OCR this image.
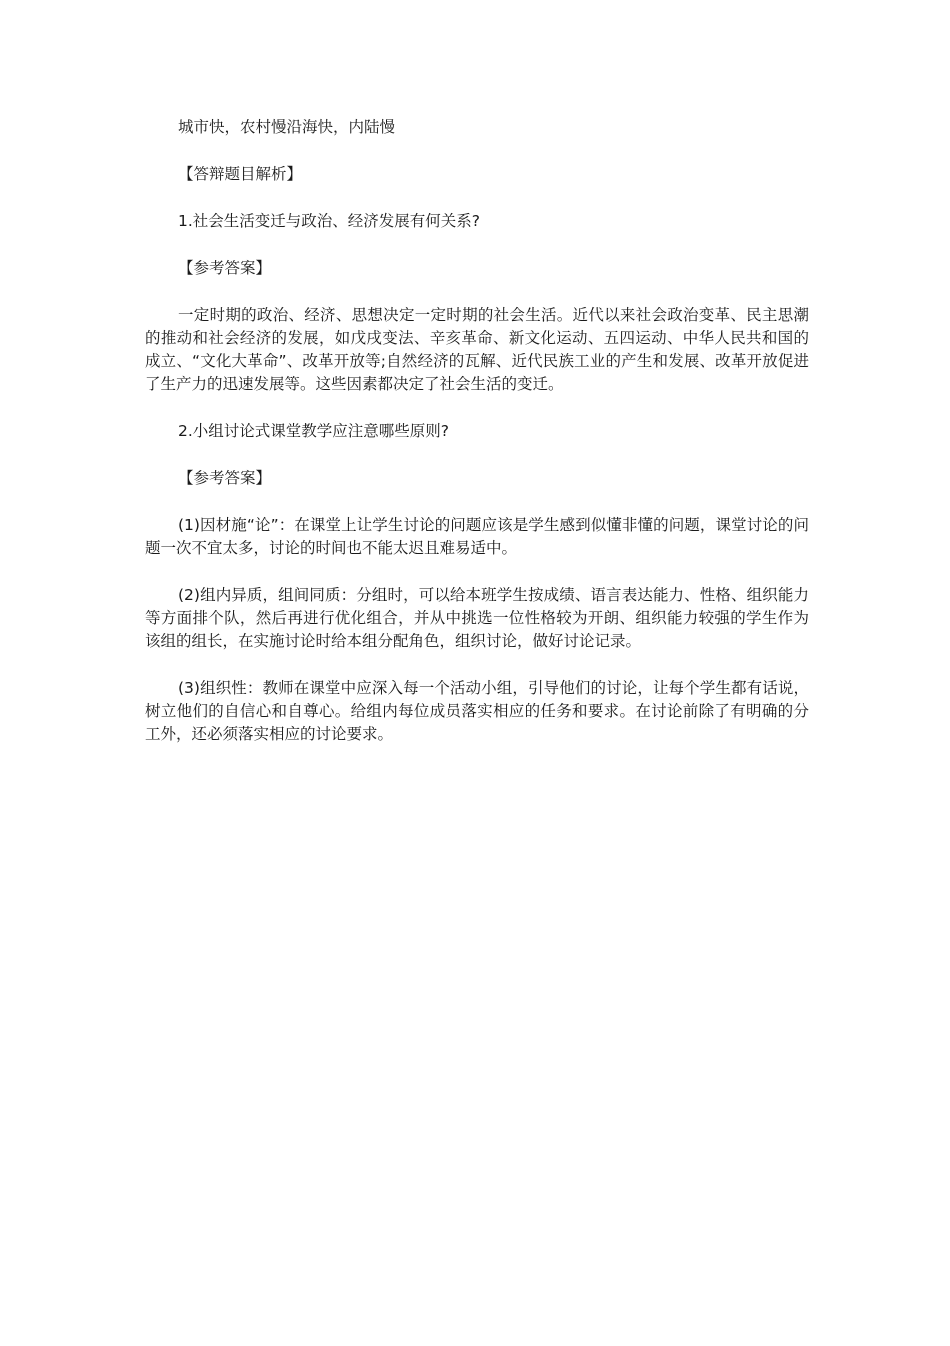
城市快，农村慢沿海快，内陆慢

【答辩题目解析】

1.社会生活变迁与政治、经济发展有何关系?

【参考答案】

一定时期的政治、经济、思想决定一定时期的社会生活。近代以来社会政治变革、民主思潮的推动和社会经济的发展，如戊戌变法、辛亥革命、新文化运动、五四运动、中华人民共和国的成立、“文化大革命”、改革开放等;自然经济的瓦解、近代民族工业的产生和发展、改革开放促进了生产力的迅速发展等。这些因素都决定了社会生活的变迁。

2.小组讨论式课堂教学应注意哪些原则?

【参考答案】

(1)因材施“论”：在课堂上让学生讨论的问题应该是学生感到似懂非懂的问题，课堂讨论的问题一次不宜太多，讨论的时间也不能太迟且难易适中。

(2)组内异质，组间同质：分组时，可以给本班学生按成绩、语言表达能力、性格、组织能力等方面排个队，然后再进行优化组合，并从中挑选一位性格较为开朗、组织能力较强的学生作为该组的组长，在实施讨论时给本组分配角色，组织讨论，做好讨论记录。

(3)组织性：教师在课堂中应深入每一个活动小组，引导他们的讨论，让每个学生都有话说，树立他们的自信心和自尊心。给组内每位成员落实相应的任务和要求。在讨论前除了有明确的分工外，还必须落实相应的讨论要求。
